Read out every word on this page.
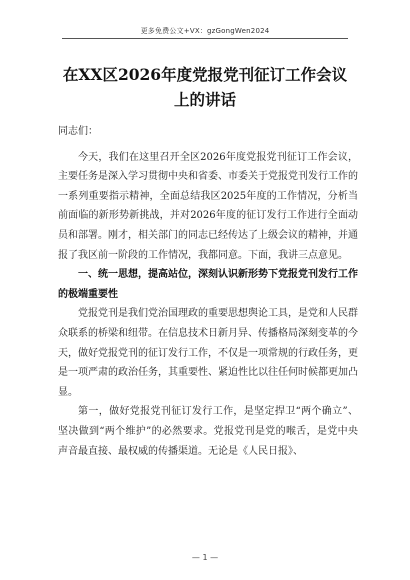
更多免费公文+VX：gzGongWen2024
在XX区2026年度党报党刊征订工作会议上的讲话

同志们：

今天，我们在这里召开全区2026年度党报党刊征订工作会议，主要任务是深入学习贯彻中央和省委、市委关于党报党刊发行工作的一系列重要指示精神，全面总结我区2025年度的工作情况，分析当前面临的新形势新挑战，并对2026年度的征订发行工作进行全面动员和部署。刚才，相关部门的同志已经传达了上级会议的精神，并通报了我区前一阶段的工作情况，我都同意。下面，我讲三点意见。

一、统一思想，提高站位，深刻认识新形势下党报党刊发行工作的极端重要性

党报党刊是我们党治国理政的重要思想舆论工具，是党和人民群众联系的桥梁和纽带。在信息技术日新月异、传播格局深刻变革的今天，做好党报党刊的征订发行工作，不仅是一项常规的行政任务，更是一项严肃的政治任务，其重要性、紧迫性比以往任何时候都更加凸显。

第一，做好党报党刊征订发行工作，是坚定捍卫“两个确立”、坚决做到“两个维护”的必然要求。党报党刊是党的喉舌，是党中央声音最直接、最权威的传播渠道。无论是《人民日报》、

— 1 —
